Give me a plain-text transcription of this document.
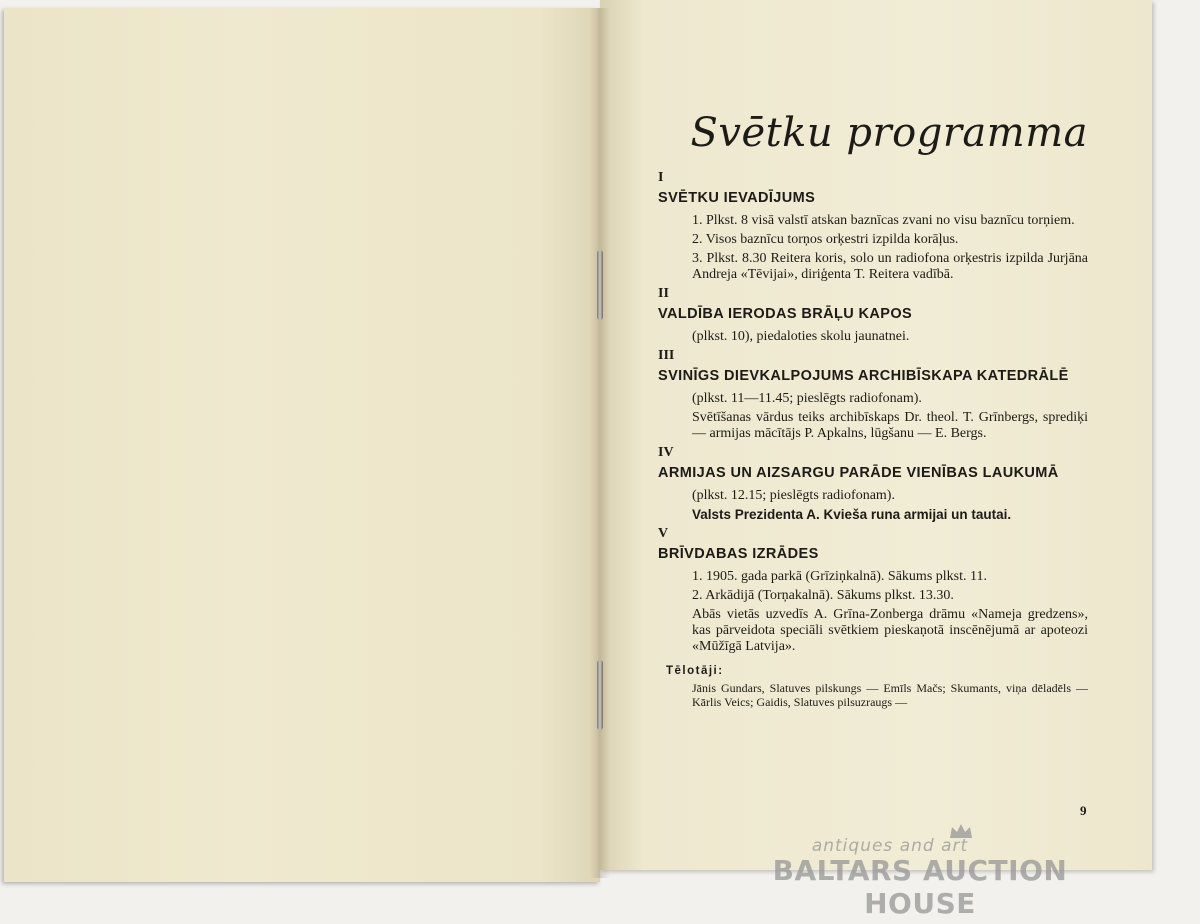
Svētku programma
I
SVĒTKU IEVADĪJUMS
1. Plkst. 8 visā valstī atskan baznīcas zvani no visu baznīcu torņiem.
2. Visos baznīcu torņos orķestri izpilda korāļus.
3. Plkst. 8.30 Reitera koris, solo un radiofona orķestris izpilda Jurjāna Andreja «Tēvijai», diriģenta T. Reitera vadībā.
II
VALDĪBA IERODAS BRĀĻU KAPOS
(plkst. 10), piedaloties skolu jaunatnei.
III
SVINĪGS DIEVKALPOJUMS ARCHIBĪSKAPA KATEDRĀLĒ
(plkst. 11—11.45; pieslēgts radiofonam).
Svētīšanas vārdus teiks archibīskaps Dr. theol. T. Grīnbergs, sprediķi — armijas mācītājs P. Apkalns, lūgšanu — E. Bergs.
IV
ARMIJAS UN AIZSARGU PARĀDE VIENĪBAS LAUKUMĀ
(plkst. 12.15; pieslēgts radiofonam).
Valsts Prezidenta A. Kvieša runa armijai un tautai.
V
BRĪVDABAS IZRĀDES
1. 1905. gada parkā (Grīziņkalnā). Sākums plkst. 11.
2. Arkādijā (Torņakalnā). Sākums plkst. 13.30.
Abās vietās uzvedīs A. Grīna-Zonberga drāmu «Nameja gredzens», kas pārveidota speciāli svētkiem pieskaņotā inscēnējumā ar apoteozi «Mūžīgā Latvija».
Tēlotāji:
Jānis Gundars, Slatuves pilskungs — Emīls Mačs; Skumants, viņa dēladēls — Kārlis Veics; Gaidis, Slatuves pilsuzraugs —
9
antiques and art
BALTARS AUCTION HOUSE
